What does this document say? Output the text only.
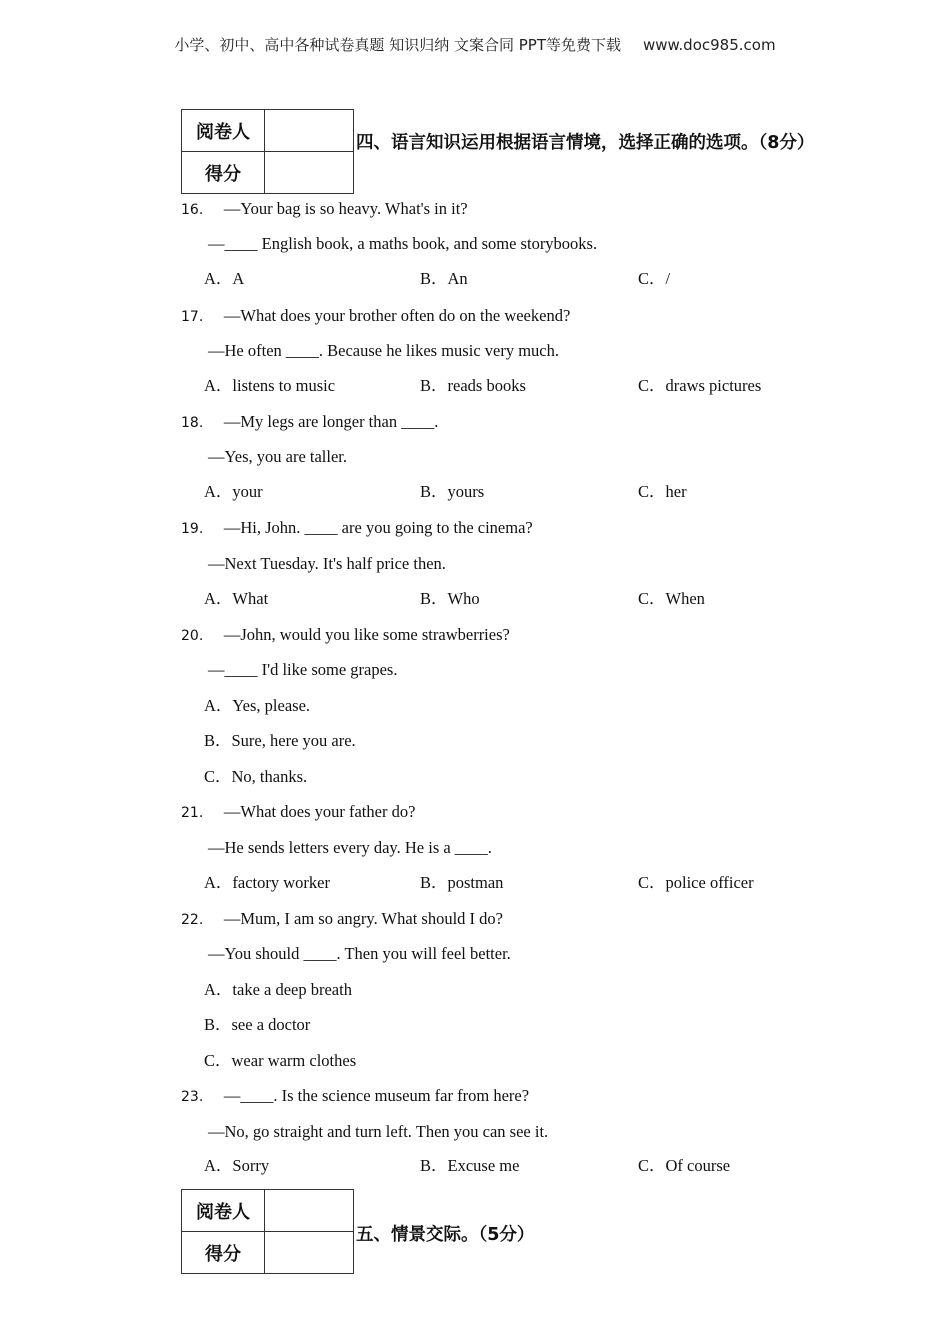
小学、初中、高中各种试卷真题 知识归纳 文案合同 PPT等免费下载 www.doc985.com
阅卷人	
得分	
四、语言知识运用根据语言情境，选择正确的选项。（8分）
16. —Your bag is so heavy. What's in it?
—____ English book, a maths book, and some storybooks.
A．A	B．An	C．/
17. —What does your brother often do on the weekend?
—He often ____. Because he likes music very much.
A．listens to music	B．reads books	C．draws pictures
18. —My legs are longer than ____.
—Yes, you are taller.
A．your	B．yours	C．her
19. —Hi, John. ____ are you going to the cinema?
—Next Tuesday. It's half price then.
A．What	B．Who	C．When
20. —John, would you like some strawberries?
—____ I'd like some grapes.
A．Yes, please.
B．Sure, here you are.
C．No, thanks.
21. —What does your father do?
—He sends letters every day. He is a ____.
A．factory worker	B．postman	C．police officer
22. —Mum, I am so angry. What should I do?
—You should ____. Then you will feel better.
A．take a deep breath
B．see a doctor
C．wear warm clothes
23. —____. Is the science museum far from here?
—No, go straight and turn left. Then you can see it.
A．Sorry	B．Excuse me	C．Of course
阅卷人	
得分	
五、情景交际。（5分）
